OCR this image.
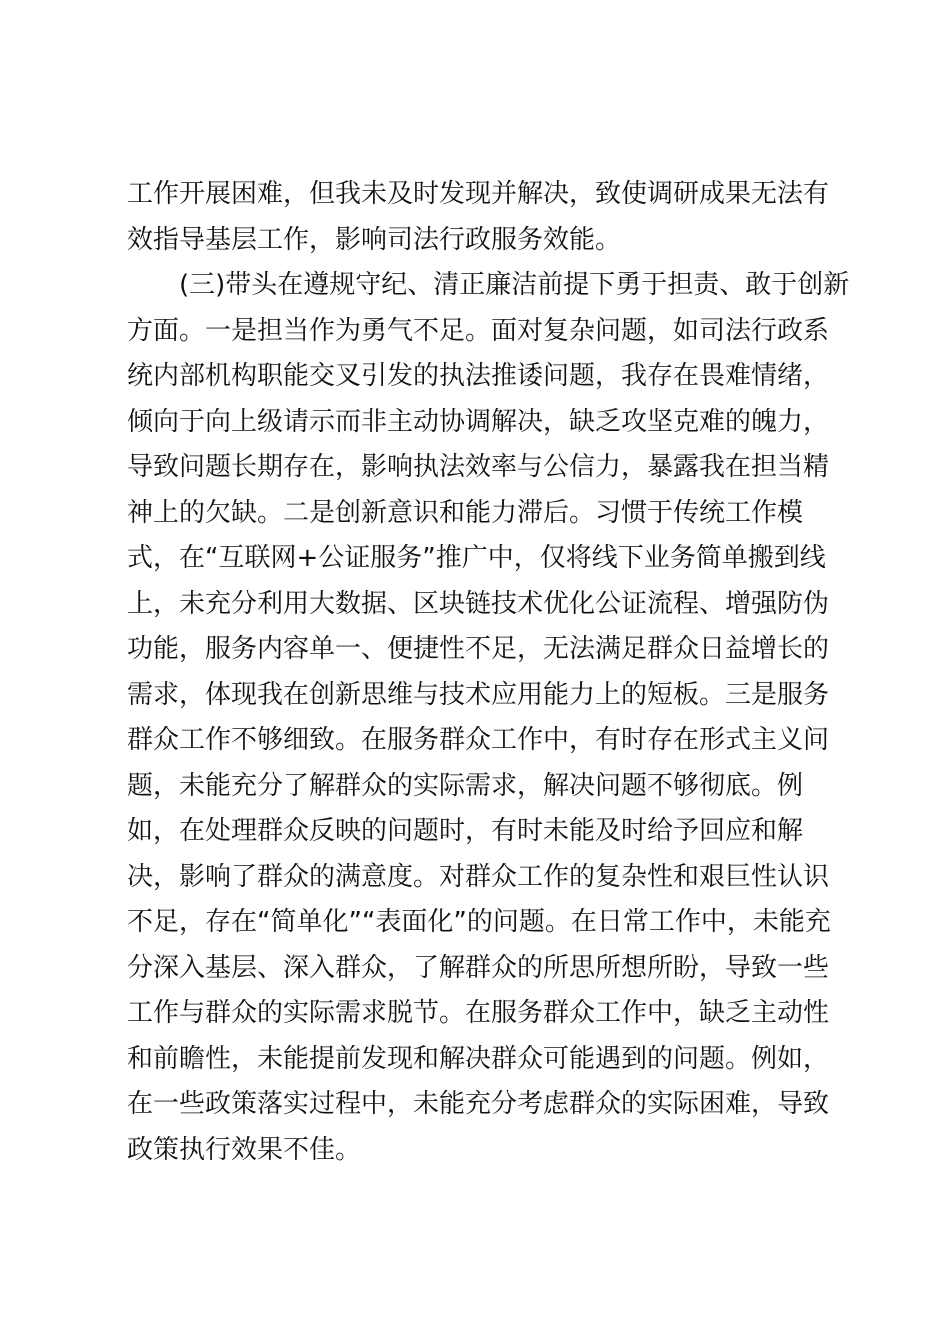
工作开展困难，但我未及时发现并解决，致使调研成果无法有
效指导基层工作，影响司法行政服务效能。
(三)带头在遵规守纪、清正廉洁前提下勇于担责、敢于创新
方面。一是担当作为勇气不足。面对复杂问题，如司法行政系
统内部机构职能交叉引发的执法推诿问题，我存在畏难情绪，
倾向于向上级请示而非主动协调解决，缺乏攻坚克难的魄力，
导致问题长期存在，影响执法效率与公信力，暴露我在担当精
神上的欠缺。二是创新意识和能力滞后。习惯于传统工作模
式，在“互联网+公证服务”推广中，仅将线下业务简单搬到线
上，未充分利用大数据、区块链技术优化公证流程、增强防伪
功能，服务内容单一、便捷性不足，无法满足群众日益增长的
需求，体现我在创新思维与技术应用能力上的短板。三是服务
群众工作不够细致。在服务群众工作中，有时存在形式主义问
题，未能充分了解群众的实际需求，解决问题不够彻底。例
如，在处理群众反映的问题时，有时未能及时给予回应和解
决，影响了群众的满意度。对群众工作的复杂性和艰巨性认识
不足，存在“简单化”“表面化”的问题。在日常工作中，未能充
分深入基层、深入群众，了解群众的所思所想所盼，导致一些
工作与群众的实际需求脱节。在服务群众工作中，缺乏主动性
和前瞻性，未能提前发现和解决群众可能遇到的问题。例如，
在一些政策落实过程中，未能充分考虑群众的实际困难，导致
政策执行效果不佳。
